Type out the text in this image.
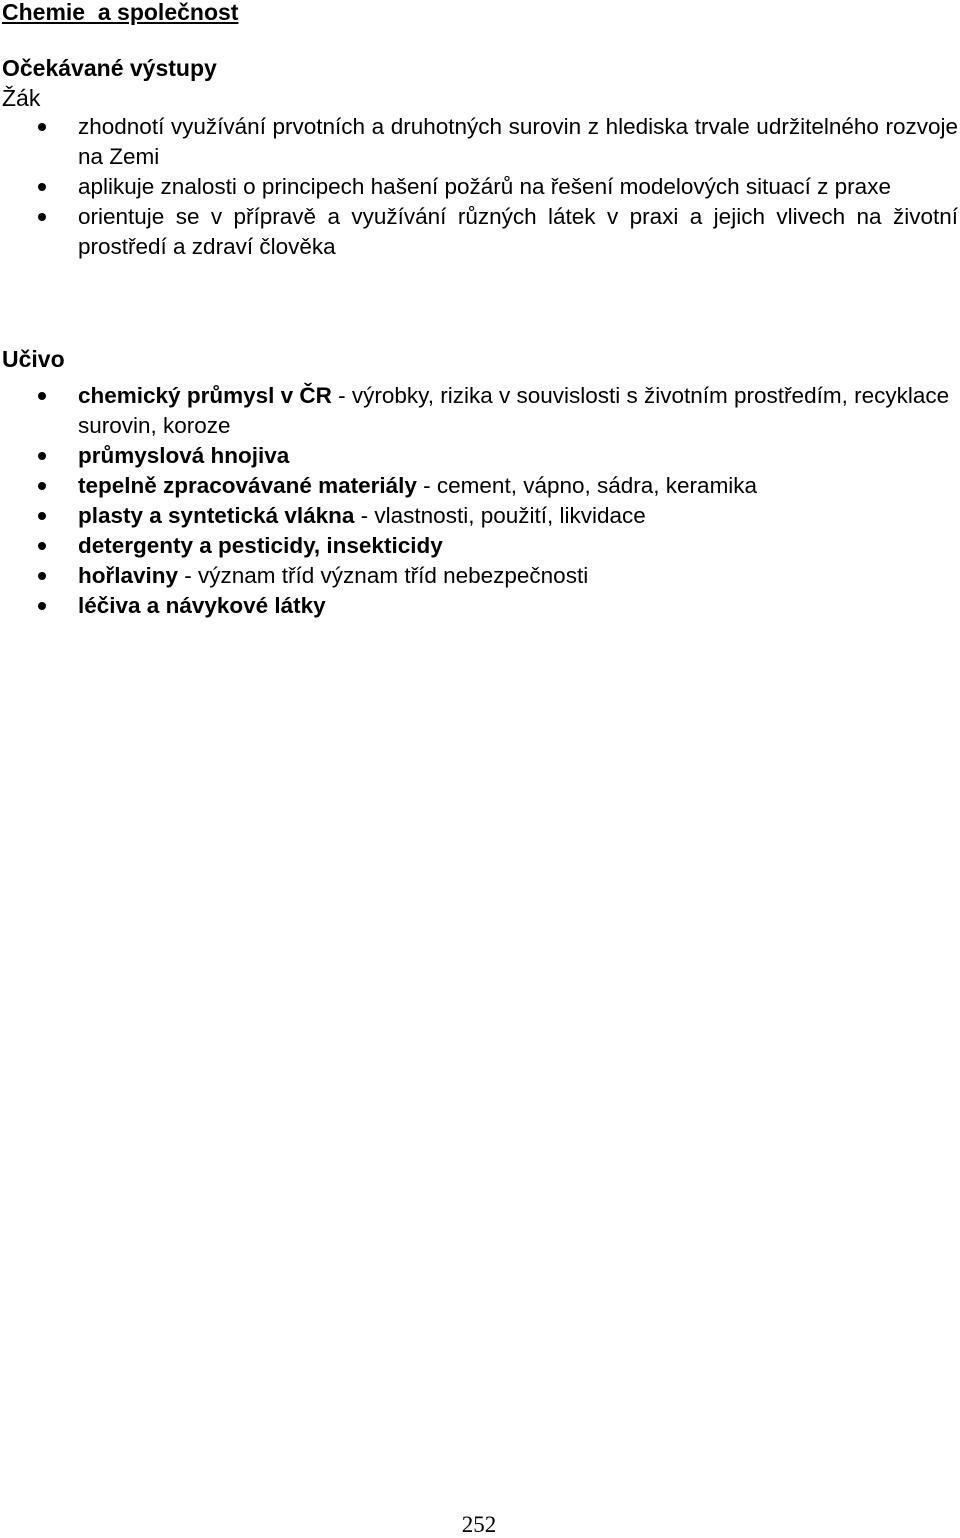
Chemie  a společnost
Očekávané výstupy
Žák
zhodnotí využívání prvotních a druhotných surovin z hlediska trvale udržitelného rozvoje na Zemi
aplikuje znalosti o principech hašení požárů na řešení modelových situací z praxe
orientuje se v přípravě a využívání různých látek v praxi a jejich vlivech na životní prostředí a zdraví člověka
Učivo
chemický průmysl v ČR - výrobky, rizika v souvislosti s životním prostředím, recyklace surovin, koroze
průmyslová hnojiva
tepelně zpracovávané materiály - cement, vápno, sádra, keramika
plasty a syntetická vlákna - vlastnosti, použití, likvidace
detergenty a pesticidy, insekticidy
hořlaviny - význam tříd význam tříd nebezpečnosti
léčiva a návykové látky
252
